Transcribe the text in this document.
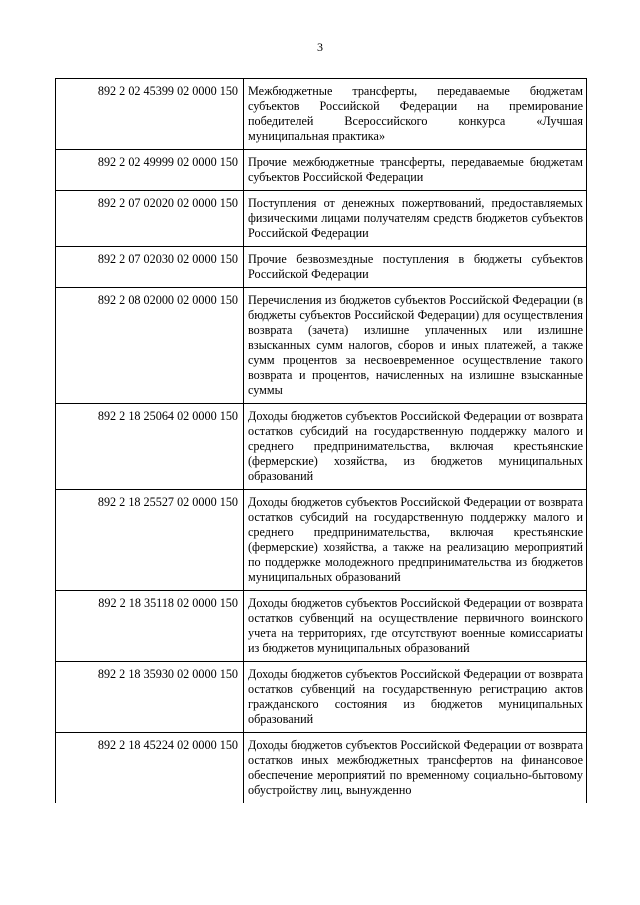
3
892 2 02 45399 02 0000 150	Межбюджетные трансферты, передаваемые бюджетам субъектов Российской Федерации на премирование победителей Всероссийского конкурса «Лучшая муниципальная практика»
892 2 02 49999 02 0000 150	Прочие межбюджетные трансферты, передаваемые бюджетам субъектов Российской Федерации
892 2 07 02020 02 0000 150	Поступления от денежных пожертвований, предоставляемых физическими лицами получателям средств бюджетов субъектов Российской Федерации
892 2 07 02030 02 0000 150	Прочие безвозмездные поступления в бюджеты субъектов Российской Федерации
892 2 08 02000 02 0000 150	Перечисления из бюджетов субъектов Российской Федерации (в бюджеты субъектов Российской Федерации) для осуществления возврата (зачета) излишне уплаченных или излишне взысканных сумм налогов, сборов и иных платежей, а также сумм процентов за несвоевременное осуществление такого возврата и процентов, начисленных на излишне взысканные суммы
892 2 18 25064 02 0000 150	Доходы бюджетов субъектов Российской Федерации от возврата остатков субсидий на государственную поддержку малого и среднего предпринимательства, включая крестьянские (фермерские) хозяйства, из бюджетов муниципальных образований
892 2 18 25527 02 0000 150	Доходы бюджетов субъектов Российской Федерации от возврата остатков субсидий на государственную поддержку малого и среднего предпринимательства, включая крестьянские (фермерские) хозяйства, а также на реализацию мероприятий по поддержке молодежного предпринимательства из бюджетов муниципальных образований
892 2 18 35118 02 0000 150	Доходы бюджетов субъектов Российской Федерации от возврата остатков субвенций на осуществление первичного воинского учета на территориях, где отсутствуют военные комиссариаты из бюджетов муниципальных образований
892 2 18 35930 02 0000 150	Доходы бюджетов субъектов Российской Федерации от возврата остатков субвенций на государственную регистрацию актов гражданского состояния из бюджетов муниципальных образований
892 2 18 45224 02 0000 150	Доходы бюджетов субъектов Российской Федерации от возврата остатков иных межбюджетных трансфертов на финансовое обеспечение мероприятий по временному социально-бытовому обустройству лиц, вынужденно
